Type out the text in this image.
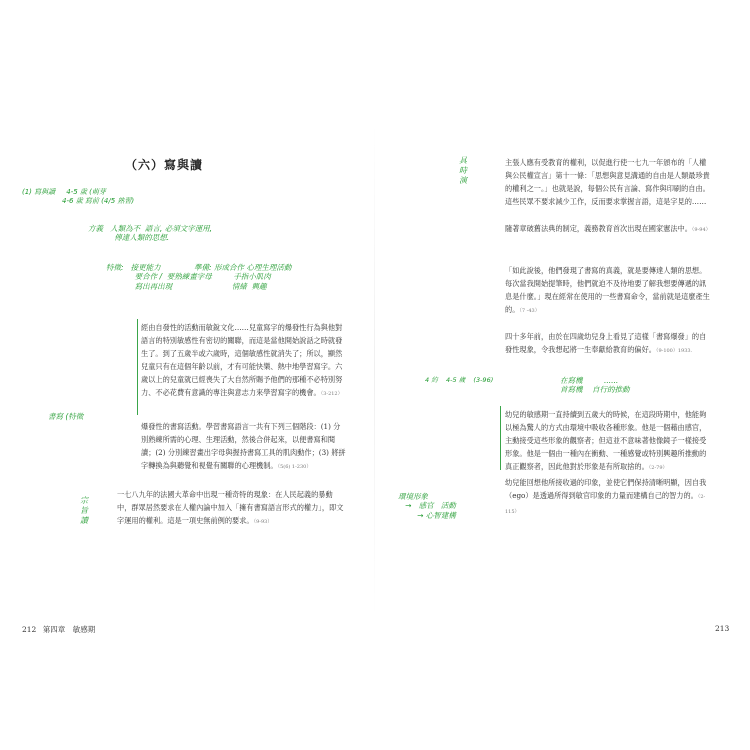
（六）寫與讀

經由自發性的活動而敏銳文化……兒童寫字的爆發性行為與他對語言的特別敏感性有密切的關聯，而這是當他開始說話之時就發生了。到了五歲半或六歲時，這個敏感性就消失了；所以，顯然兒童只有在這個年齡以前，才有可能快樂、熱中地學習寫字。六歲以上的兒童就已經喪失了大自然所賜予他們的那種不必特別努力、不必花費有意識的專注與意志力來學習寫字的機會。（3-212）

爆發性的書寫活動。學習書寫語言一共有下列三個階段：(1) 分別熟練所需的心理、生理活動，然後合併起來，以便書寫和閱讀；(2) 分別練習畫出字母與握持書寫工具的肌肉動作；(3) 將拼字轉換為與聽覺和視覺有關聯的心理機制。（5(6) 1-230）

一七八九年的法國大革命中出現一種奇特的現象：在人民起義的暴動中，群眾居然要求在人權內論中加入「擁有書寫語言形式的權力」，即文字運用的權利。這是一項史無前例的要求。（9-93）

212 第四章　敏感期

主張人應有受教育的權利，以促進行使一七九一年頒布的「人權與公民權宣言」第十一條：「思想與意見溝通的自由是人類最珍貴的權利之一。」也就是說，每個公民有言論、寫作與印刷的自由。這些民眾不要求減少工作，反而要求掌握言語，這是字見的……

隨著章破舊法典的制定，義務教育首次出現在國家憲法中。（9-94）

「如此說後，他們發現了書寫的真義，就是要傳達人類的思想。每次當我開始提筆時，他們就迫不及待地要了解我想要傳遞的訊息是什麼。」現在經常在使用的一些書寫命令，當前就是這麼產生的。（7 -43）

四十多年前，由於在四歲幼兒身上看見了這樣「書寫爆發」的自發性現象，令我想起將一生奉獻給教育的偏好。（9-100）1933.

幼兒的敏感期一直持續到五歲大的時候，在這段時期中，他能夠以極為驚人的方式由環境中吸收各種形象。他是一個藉由感官，主動接受這些形象的觀察者；但這並不意味著他像鏡子一樣接受形象。他是一個由一種內在衝動、一種感覺或特別興趣所推動的真正觀察者，因此他對於形象是有所取捨的。（2-79）

幼兒能回想他所接收過的印象，並使它們保持清晰明顯，因自我（ego）是透過所得到敏官印象的力量而建構自己的智力的。（2-115）

213
(1) 寫與讀     4-5 歲 (萌芽
4-6 歲 寫前 (4/5 熟習)
方義   人類為不  語言, 必須文字運用,
傳達人類的思想.
特徵:   接更能力              準備: 形成合作 心理生理活動
要合作 /  要熟練畫字母         手指小肌肉
寫出再出現                         情緒  興趣
書寫 (特徵
宗
旨
讀
具
時
演
4 約    4-5 歲    (3-96)	在寫機         ......
首寫機    自行的推動
環境形象
→   感官   活動
→ 心智建構
